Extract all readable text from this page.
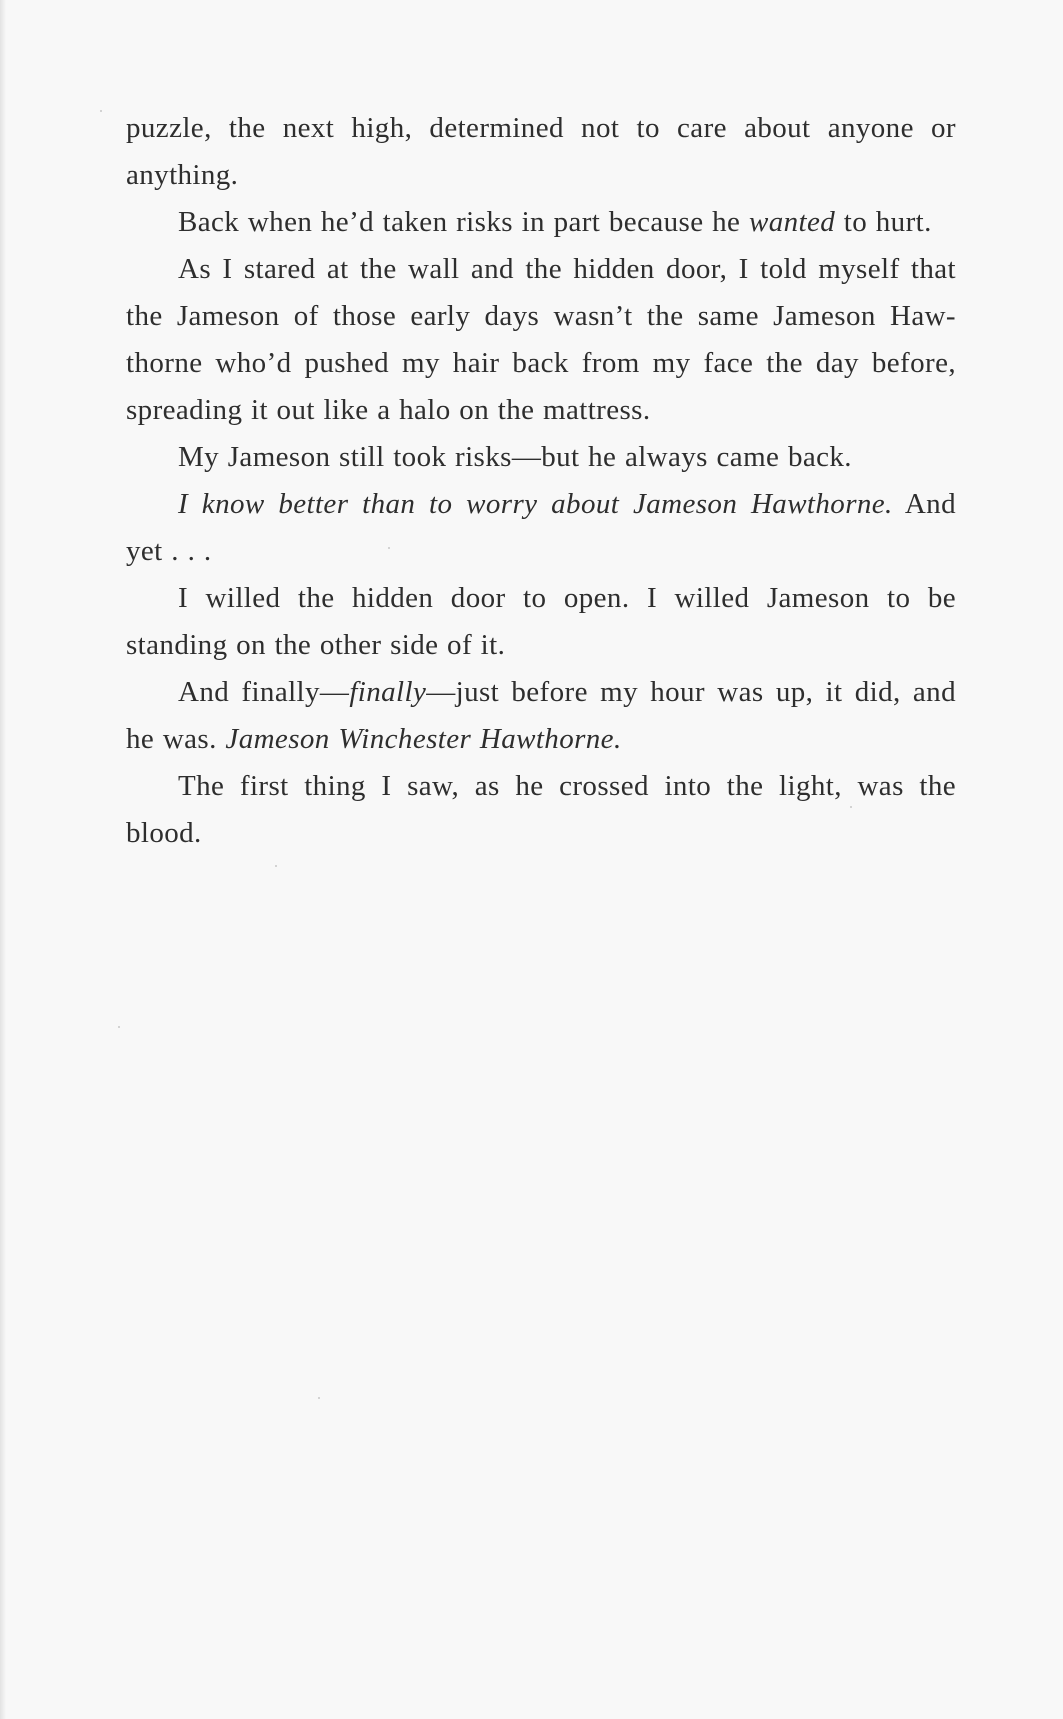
puzzle, the next high, determined not to care about anyone or
anything.
Back when he’d taken risks in part because he wanted to hurt.
As I stared at the wall and the hidden door, I told myself that
the Jameson of those early days wasn’t the same Jameson Haw-
thorne who’d pushed my hair back from my face the day before,
spreading it out like a halo on the mattress.
My Jameson still took risks—but he always came back.
I know better than to worry about Jameson Hawthorne. And
yet . . .
I willed the hidden door to open. I willed Jameson to be
standing on the other side of it.
And finally—finally—just before my hour was up, it did, and
he was. Jameson Winchester Hawthorne.
The first thing I saw, as he crossed into the light, was the
blood.
